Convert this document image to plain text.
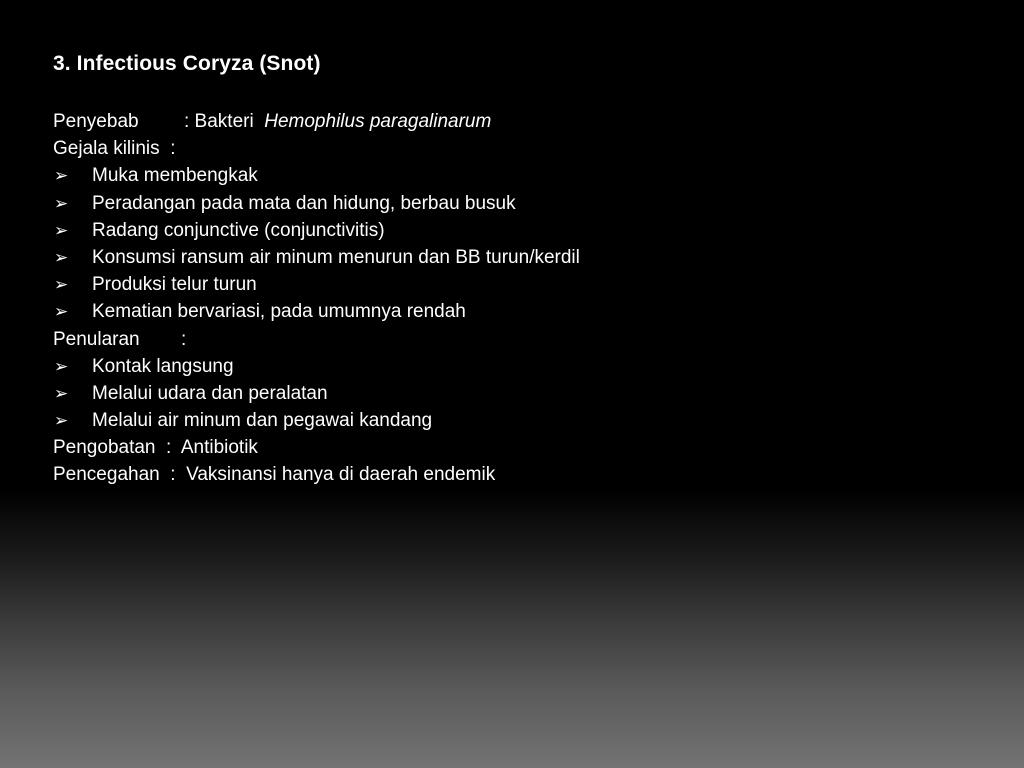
3. Infectious Coryza (Snot)
Penyebab : Bakteri  Hemophilus paragalinarum
Gejala kilinis  :
➢	Muka membengkak
➢	Peradangan pada mata dan hidung, berbau busuk
➢	Radang conjunctive (conjunctivitis)
➢	Konsumsi ransum air minum menurun dan BB turun/kerdil
➢	Produksi telur turun
➢	Kematian bervariasi, pada umumnya rendah
Penularan :
➢	Kontak langsung
➢	Melalui udara dan peralatan
➢	Melalui air minum dan pegawai kandang
Pengobatan  :  Antibiotik
Pencegahan  :  Vaksinansi hanya di daerah endemik
